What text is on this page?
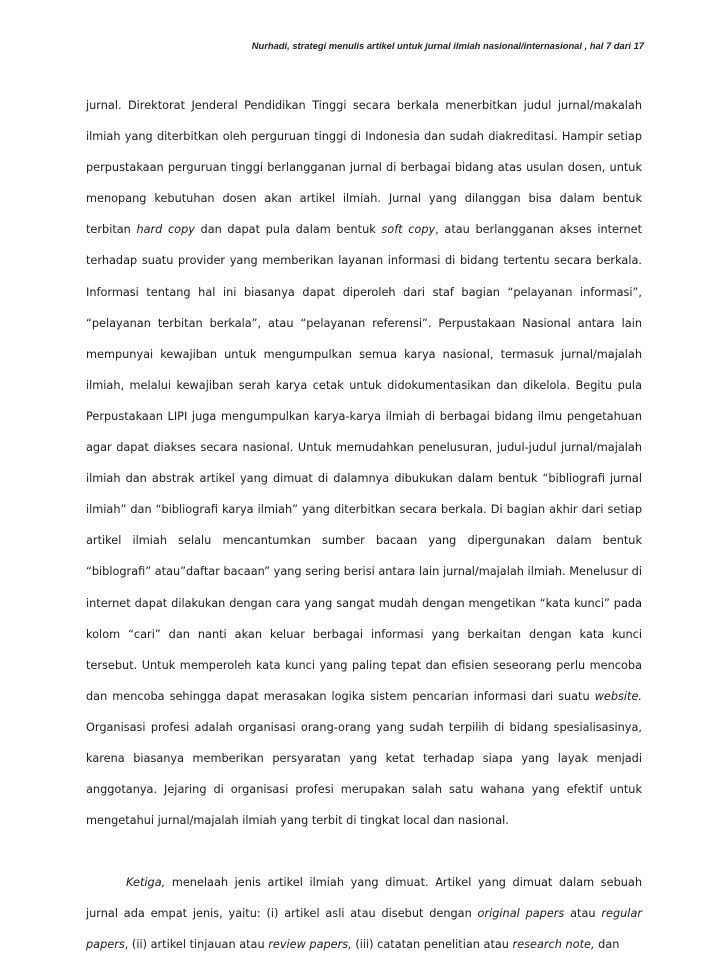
Nurhadi, strategi menulis artikel untuk jurnal ilmiah nasional/internasional , hal 7 dari 17

jurnal. Direktorat Jenderal Pendidikan Tinggi secara berkala menerbitkan judul jurnal/makalah ilmiah yang diterbitkan oleh perguruan tinggi di Indonesia dan sudah diakreditasi. Hampir setiap perpustakaan perguruan tinggi berlangganan jurnal di berbagai bidang atas usulan dosen, untuk menopang kebutuhan dosen akan artikel ilmiah. Jurnal yang dilanggan bisa dalam bentuk terbitan hard copy dan dapat pula dalam bentuk soft copy, atau berlangganan akses internet terhadap suatu provider yang memberikan layanan informasi di bidang tertentu secara berkala. Informasi tentang hal ini biasanya dapat diperoleh dari staf bagian “pelayanan informasi”, “pelayanan terbitan berkala”, atau “pelayanan referensi”. Perpustakaan Nasional antara lain mempunyai kewajiban untuk mengumpulkan semua karya nasional, termasuk jurnal/majalah ilmiah, melalui kewajiban serah karya cetak untuk didokumentasikan dan dikelola. Begitu pula Perpustakaan LIPI juga mengumpulkan karya-karya ilmiah di berbagai bidang ilmu pengetahuan agar dapat diakses secara nasional. Untuk memudahkan penelusuran, judul-judul jurnal/majalah ilmiah dan abstrak artikel yang dimuat di dalamnya dibukukan dalam bentuk “bibliografi jurnal ilmiah” dan “bibliografi karya ilmiah” yang diterbitkan secara berkala. Di bagian akhir dari setiap artikel ilmiah selalu mencantumkan sumber bacaan yang dipergunakan dalam bentuk “biblografi” atau”daftar bacaan” yang sering berisi antara lain jurnal/majalah ilmiah. Menelusur di internet dapat dilakukan dengan cara yang sangat mudah dengan mengetikan “kata kunci” pada kolom “cari” dan nanti akan keluar berbagai informasi yang berkaitan dengan kata kunci tersebut. Untuk memperoleh kata kunci yang paling tepat dan efisien seseorang perlu mencoba dan mencoba sehingga dapat merasakan logika sistem pencarian informasi dari suatu website. Organisasi profesi adalah organisasi orang-orang yang sudah terpilih di bidang spesialisasinya, karena biasanya memberikan persyaratan yang ketat terhadap siapa yang layak menjadi anggotanya. Jejaring di organisasi profesi merupakan salah satu wahana yang efektif untuk mengetahui jurnal/majalah ilmiah yang terbit di tingkat local dan nasional.

Ketiga, menelaah jenis artikel ilmiah yang dimuat. Artikel yang dimuat dalam sebuah jurnal ada empat jenis, yaitu: (i) artikel asli atau disebut dengan original papers atau regular papers, (ii) artikel tinjauan atau review papers, (iii) catatan penelitian atau research note, dan
